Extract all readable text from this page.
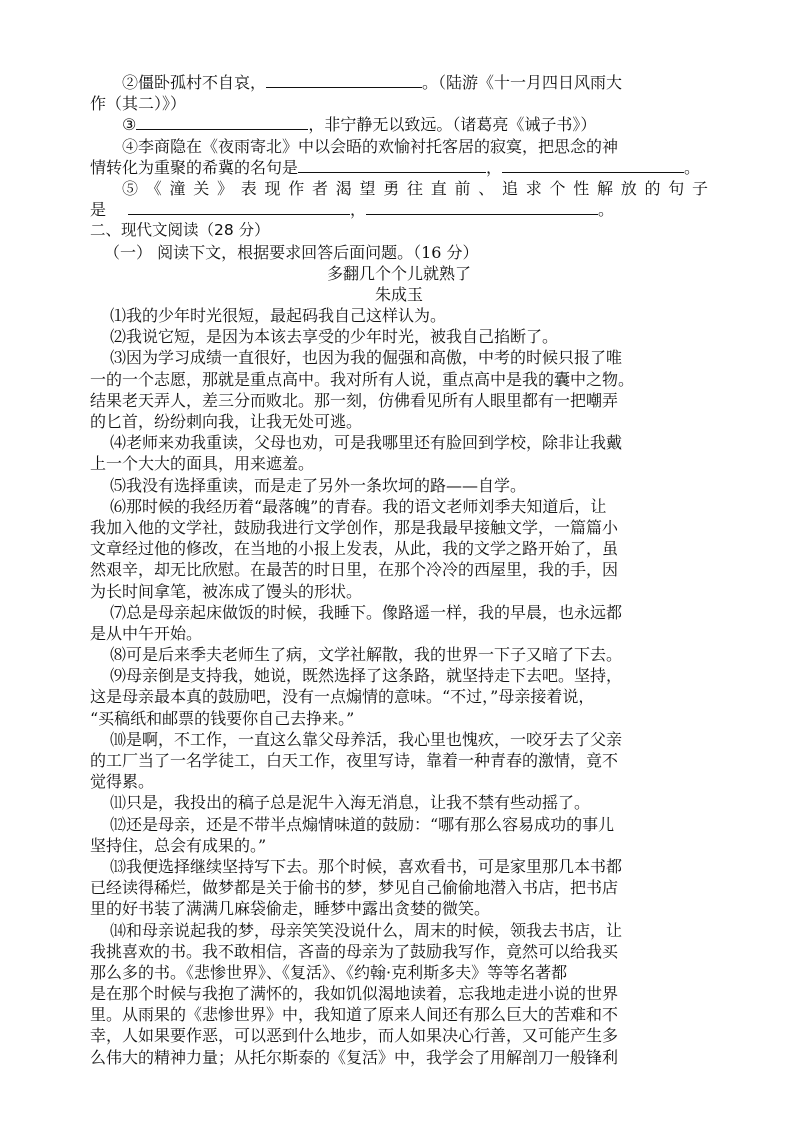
②僵卧孤村不自哀，	。（陆游《十一月四日风雨大
作（其二）》）
③	，非宁静无以致远。（诸葛亮《诫子书》）
④李商隐在《夜雨寄北》中以会晤的欢愉衬托客居的寂寞，把思念的神
情转化为重聚的希冀的名句是	，	。
⑤《潼关》表现作者渴望勇往直前、追求个性解放的句子
是	，	。
二、现代文阅读（28 分）
（一） 阅读下文，根据要求回答后面问题。（16 分）
多翻几个个儿就熟了
朱成玉
⑴我的少年时光很短，最起码我自己这样认为。
⑵我说它短，是因为本该去享受的少年时光，被我自己掐断了。
⑶因为学习成绩一直很好，也因为我的倔强和高傲，中考的时候只报了唯
一的一个志愿，那就是重点高中。我对所有人说，重点高中是我的囊中之物。
结果老天弄人，差三分而败北。那一刻，仿佛看见所有人眼里都有一把嘲弄
的匕首，纷纷刺向我，让我无处可逃。
⑷老师来劝我重读，父母也劝，可是我哪里还有脸回到学校，除非让我戴
上一个大大的面具，用来遮羞。
⑸我没有选择重读，而是走了另外一条坎坷的路——自学。
⑹那时候的我经历着“最落魄”的青春。我的语文老师刘季夫知道后，让
我加入他的文学社，鼓励我进行文学创作，那是我最早接触文学，一篇篇小
文章经过他的修改，在当地的小报上发表，从此，我的文学之路开始了，虽
然艰辛，却无比欣慰。在最苦的时日里，在那个冷冷的西屋里，我的手，因
为长时间拿笔，被冻成了馒头的形状。
⑺总是母亲起床做饭的时候，我睡下。像路遥一样，我的早晨，也永远都
是从中午开始。
⑻可是后来季夫老师生了病，文学社解散，我的世界一下子又暗了下去。
⑼母亲倒是支持我，她说，既然选择了这条路，就坚持走下去吧。坚持，
这是母亲最本真的鼓励吧，没有一点煽情的意味。“不过，”母亲接着说，
“买稿纸和邮票的钱要你自己去挣来。”
⑽是啊，不工作，一直这么靠父母养活，我心里也愧疚，一咬牙去了父亲
的工厂当了一名学徒工，白天工作，夜里写诗，靠着一种青春的激情，竟不
觉得累。
⑾只是，我投出的稿子总是泥牛入海无消息，让我不禁有些动摇了。
⑿还是母亲，还是不带半点煽情味道的鼓励：“哪有那么容易成功的事儿
坚持住，总会有成果的。”
⒀我便选择继续坚持写下去。那个时候，喜欢看书，可是家里那几本书都
已经读得稀烂，做梦都是关于偷书的梦，梦见自己偷偷地潜入书店，把书店
里的好书装了满满几麻袋偷走，睡梦中露出贪婪的微笑。
⒁和母亲说起我的梦，母亲笑笑没说什么，周末的时候，领我去书店，让
我挑喜欢的书。我不敢相信，吝啬的母亲为了鼓励我写作，竟然可以给我买
那么多的书。《悲惨世界》、《复活》、《约翰·克利斯多夫》等等名著都
是在那个时候与我抱了满怀的，我如饥似渴地读着，忘我地走进小说的世界
里。从雨果的《悲惨世界》中，我知道了原来人间还有那么巨大的苦难和不
幸，人如果要作恶，可以恶到什么地步，而人如果决心行善，又可能产生多
么伟大的精神力量；从托尔斯泰的《复活》中，我学会了用解剖刀一般锋利
